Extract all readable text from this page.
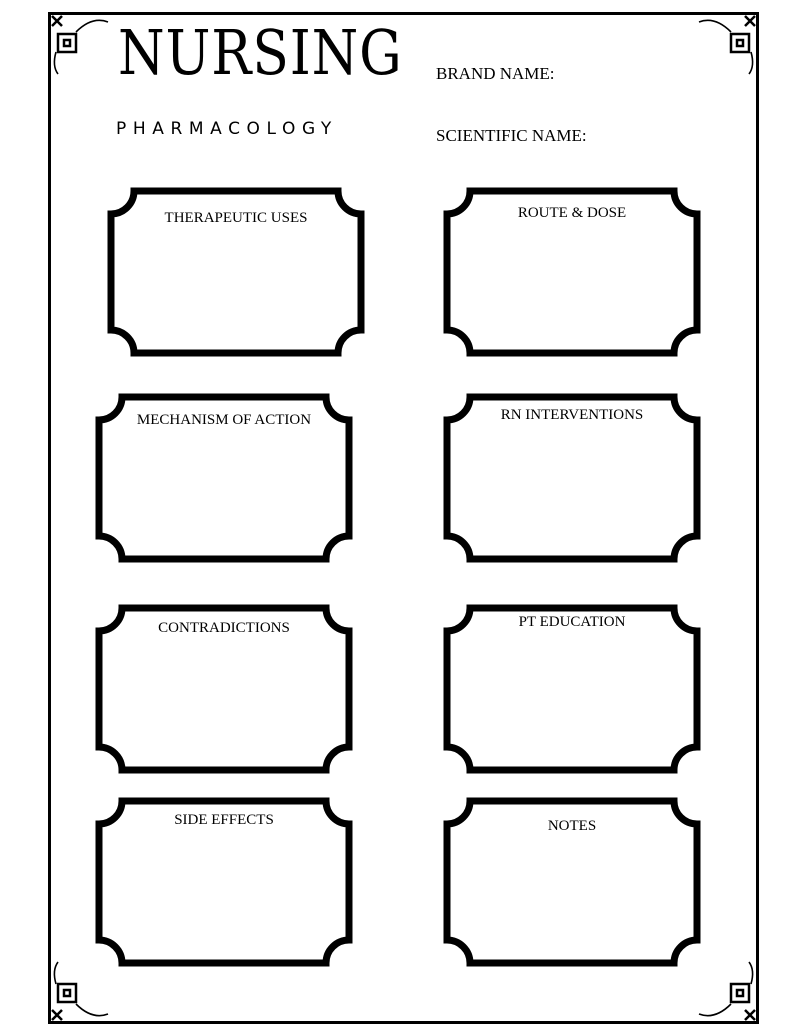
NURSING

PHARMACOLOGY

BRAND NAME:

SCIENTIFIC NAME:

THERAPEUTIC USES	ROUTE & DOSE
MECHANISM OF ACTION	RN INTERVENTIONS
CONTRADICTIONS	PT EDUCATION
SIDE EFFECTS	NOTES
